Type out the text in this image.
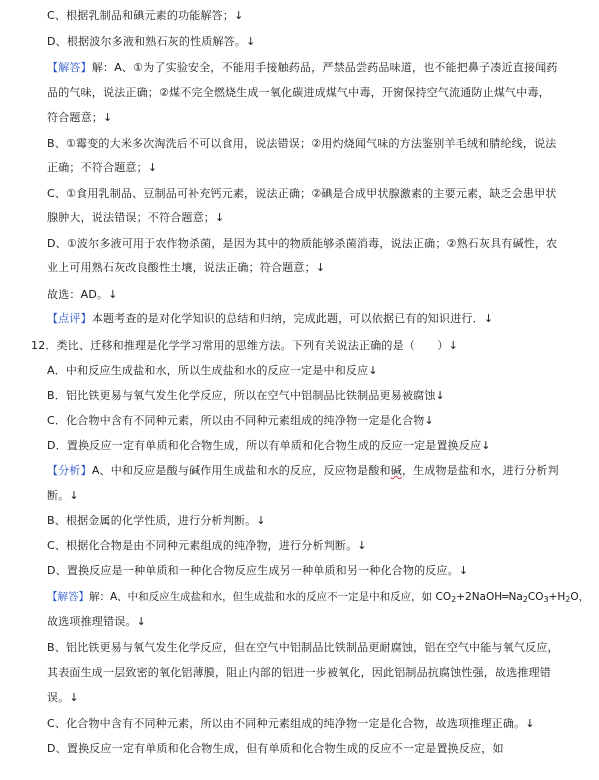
C、根据乳制品和碘元素的功能解答；↓
D、根据波尔多液和熟石灰的性质解答。↓
【解答】解：A、①为了实验安全，不能用手接触药品，严禁品尝药品味道，也不能把鼻子凑近直接闻药
品的气味，说法正确；②煤不完全燃烧生成一氧化碳进成煤气中毒，开窗保持空气流通防止煤气中毒，
符合题意；↓
B、①霉变的大米多次淘洗后不可以食用，说法错误；②用灼烧闻气味的方法鉴别羊毛绒和腈纶线，说法
正确；不符合题意；↓
C、①食用乳制品、豆制品可补充钙元素，说法正确；②碘是合成甲状腺激素的主要元素，缺乏会患甲状
腺肿大，说法错误；不符合题意；↓
D、①波尔多液可用于农作物杀菌，是因为其中的物质能够杀菌消毒，说法正确；②熟石灰具有碱性，农
业上可用熟石灰改良酸性土壤，说法正确；符合题意；↓
故选：AD。↓
【点评】本题考查的是对化学知识的总结和归纳，完成此题，可以依据已有的知识进行．↓
12．类比、迁移和推理是化学学习常用的思维方法。下列有关说法正确的是（　　）↓
A．中和反应生成盐和水，所以生成盐和水的反应一定是中和反应↓
B．铝比铁更易与氧气发生化学反应，所以在空气中铝制品比铁制品更易被腐蚀↓
C．化合物中含有不同种元素，所以由不同种元素组成的纯净物一定是化合物↓
D．置换反应一定有单质和化合物生成，所以有单质和化合物生成的反应一定是置换反应↓
【分析】A、中和反应是酸与碱作用生成盐和水的反应，反应物是酸和碱，生成物是盐和水，进行分析判
断。↓
B、根据金属的化学性质，进行分析判断。↓
C、根据化合物是由不同种元素组成的纯净物，进行分析判断。↓
D、置换反应是一种单质和一种化合物反应生成另一种单质和另一种化合物的反应。↓
【解答】解：A、中和反应生成盐和水，但生成盐和水的反应不一定是中和反应，如 $CO_2+2NaOH═Na_2CO_3+H_2O$，
故选项推理错误。↓
B、铝比铁更易与氧气发生化学反应，但在空气中铝制品比铁制品更耐腐蚀，铝在空气中能与氧气反应，
其表面生成一层致密的氧化铝薄膜，阻止内部的铝进一步被氧化，因此铝制品抗腐蚀性强，故选推理错
误。↓
C、化合物中含有不同种元素，所以由不同种元素组成的纯净物一定是化合物，故选项推理正确。↓
D、置换反应一定有单质和化合物生成，但有单质和化合物生成的反应不一定是置换反应，如
